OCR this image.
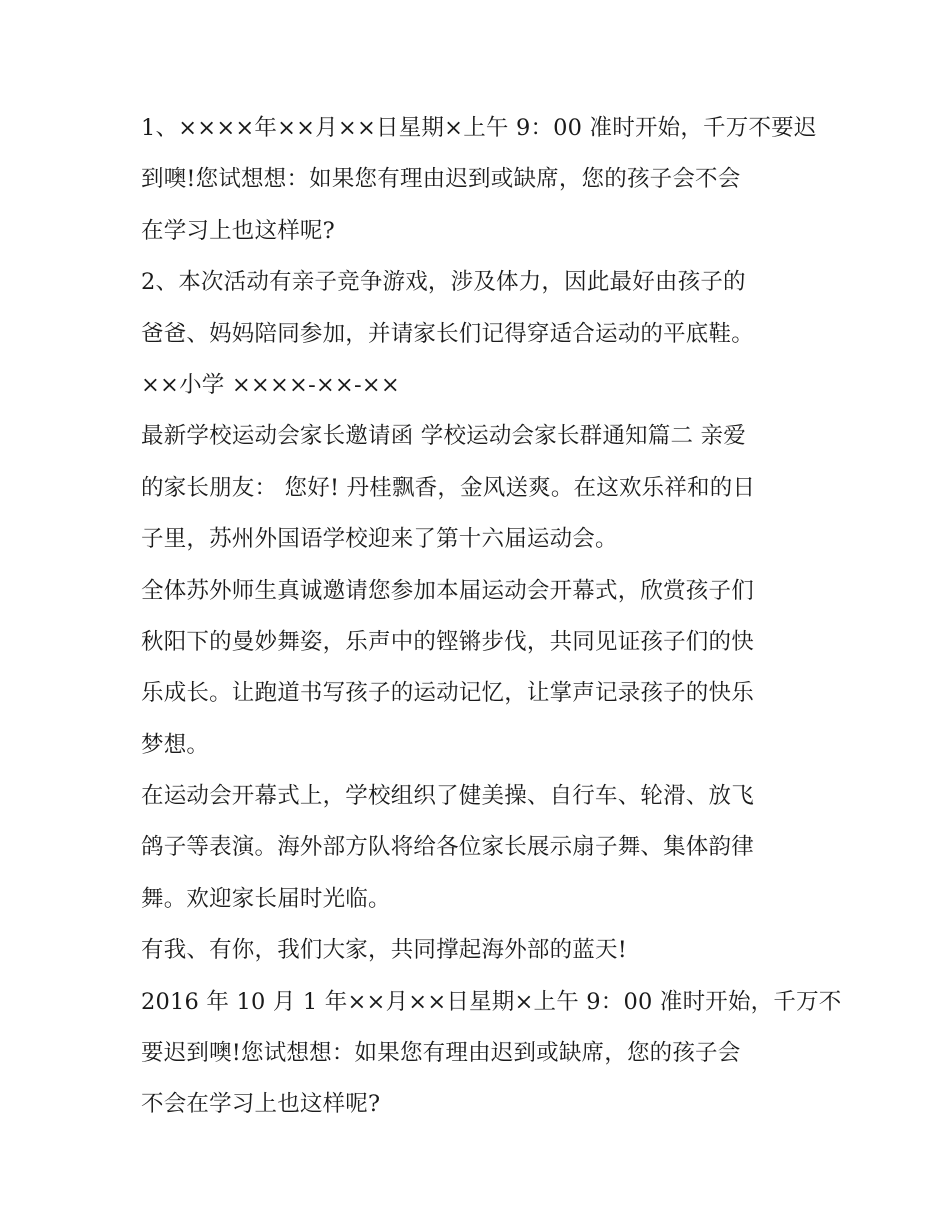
1、××××年××月××日星期×上午 9：00 准时开始，千万不要迟
到噢!您试想想：如果您有理由迟到或缺席，您的孩子会不会
在学习上也这样呢?
2、本次活动有亲子竞争游戏，涉及体力，因此最好由孩子的
爸爸、妈妈陪同参加，并请家长们记得穿适合运动的平底鞋。
××小学 ××××-××-××
最新学校运动会家长邀请函 学校运动会家长群通知篇二 亲爱
的家长朋友： 您好! 丹桂飘香，金风送爽。在这欢乐祥和的日
子里，苏州外国语学校迎来了第十六届运动会。
全体苏外师生真诚邀请您参加本届运动会开幕式，欣赏孩子们
秋阳下的曼妙舞姿，乐声中的铿锵步伐，共同见证孩子们的快
乐成长。让跑道书写孩子的运动记忆，让掌声记录孩子的快乐
梦想。
在运动会开幕式上，学校组织了健美操、自行车、轮滑、放飞
鸽子等表演。海外部方队将给各位家长展示扇子舞、集体韵律
舞。欢迎家长届时光临。
有我、有你，我们大家，共同撑起海外部的蓝天!
2016 年 10 月 1 年××月××日星期×上午 9：00 准时开始，千万不
要迟到噢!您试想想：如果您有理由迟到或缺席，您的孩子会
不会在学习上也这样呢?
